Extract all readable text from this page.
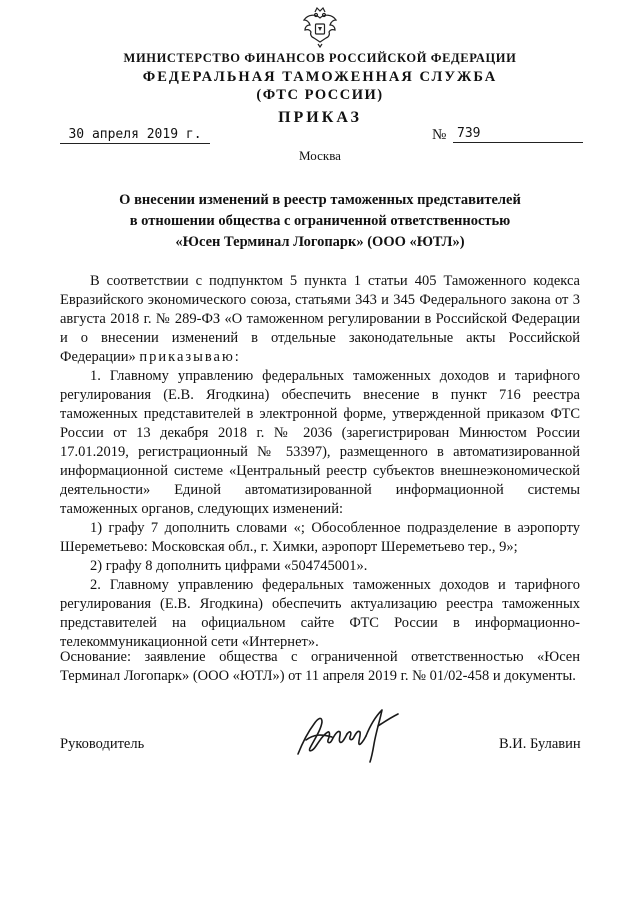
МИНИСТЕРСТВО ФИНАНСОВ РОССИЙСКОЙ ФЕДЕРАЦИИ
ФЕДЕРАЛЬНАЯ ТАМОЖЕННАЯ СЛУЖБА
(ФТС РОССИИ)
ПРИКАЗ
30 апреля 2019 г.	№ 739
Москва
О внесении изменений в реестр таможенных представителей
в отношении общества с ограниченной ответственностью
«Юсен Терминал Логопарк» (ООО «ЮТЛ»)

В соответствии с подпунктом 5 пункта 1 статьи 405 Таможенного кодекса Евразийского экономического союза, статьями 343 и 345 Федерального закона от 3 августа 2018 г. № 289-ФЗ «О таможенном регулировании в Российской Федерации и о внесении изменений в отдельные законодательные акты Российской Федерации» приказываю:

1. Главному управлению федеральных таможенных доходов и тарифного регулирования (Е.В. Ягодкина) обеспечить внесение в пункт 716 реестра таможенных представителей в электронной форме, утвержденной приказом ФТС России от 13 декабря 2018 г. № 2036 (зарегистрирован Минюстом России 17.01.2019, регистрационный № 53397), размещенного в автоматизированной информационной системе «Центральный реестр субъектов внешнеэкономической деятельности» Единой автоматизированной информационной системы таможенных органов, следующих изменений:

1) графу 7 дополнить словами «; Обособленное подразделение в аэропорту Шереметьево: Московская обл., г. Химки, аэропорт Шереметьево тер., 9»;

2) графу 8 дополнить цифрами «504745001».

2. Главному управлению федеральных таможенных доходов и тарифного регулирования (Е.В. Ягодкина) обеспечить актуализацию реестра таможенных представителей на официальном сайте ФТС России в информационно-телекоммуникационной сети «Интернет».

Основание: заявление общества с ограниченной ответственностью «Юсен Терминал Логопарк» (ООО «ЮТЛ») от 11 апреля 2019 г. № 01/02-458 и документы.
Руководитель	В.И. Булавин
